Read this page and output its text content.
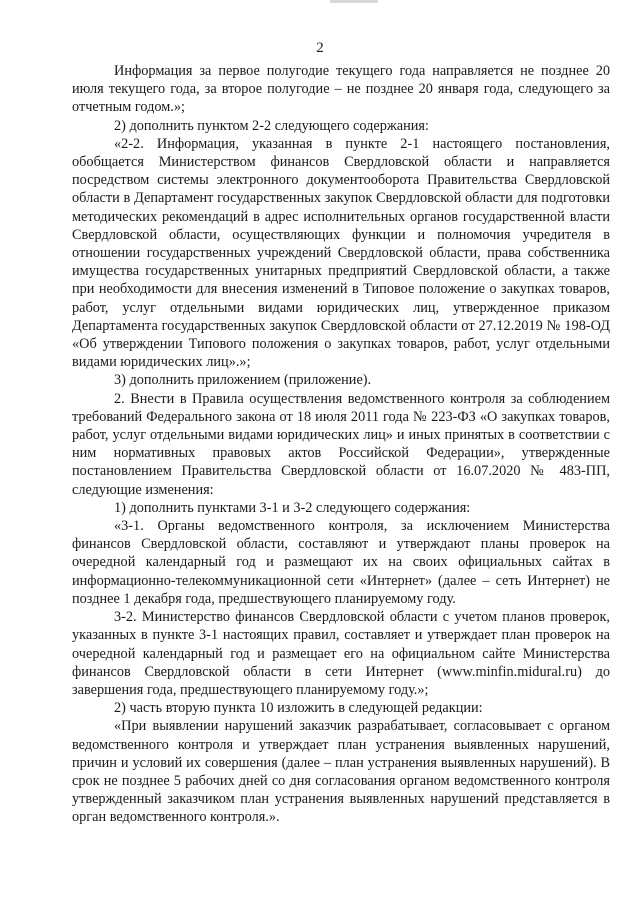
2

Информация за первое полугодие текущего года направляется не позднее 20 июля текущего года, за второе полугодие – не позднее 20 января года, следующего за отчетным годом.»;

2) дополнить пунктом 2-2 следующего содержания:

«2-2. Информация, указанная в пункте 2-1 настоящего постановления, обобщается Министерством финансов Свердловской области и направляется посредством системы электронного документооборота Правительства Свердловской области в Департамент государственных закупок Свердловской области для подготовки методических рекомендаций в адрес исполнительных органов государственной власти Свердловской области, осуществляющих функции и полномочия учредителя в отношении государственных учреждений Свердловской области, права собственника имущества государственных унитарных предприятий Свердловской области, а также при необходимости для внесения изменений в Типовое положение о закупках товаров, работ, услуг отдельными видами юридических лиц, утвержденное приказом Департамента государственных закупок Свердловской области от 27.12.2019 № 198-ОД «Об утверждении Типового положения о закупках товаров, работ, услуг отдельными видами юридических лиц».»;

3) дополнить приложением (приложение).

2. Внести в Правила осуществления ведомственного контроля за соблюдением требований Федерального закона от 18 июля 2011 года № 223-ФЗ «О закупках товаров, работ, услуг отдельными видами юридических лиц» и иных принятых в соответствии с ним нормативных правовых актов Российской Федерации», утвержденные постановлением Правительства Свердловской области от 16.07.2020 № 483-ПП, следующие изменения:

1) дополнить пунктами 3-1 и 3-2 следующего содержания:

«3-1. Органы ведомственного контроля, за исключением Министерства финансов Свердловской области, составляют и утверждают планы проверок на очередной календарный год и размещают их на своих официальных сайтах в информационно-телекоммуникационной сети «Интернет» (далее – сеть Интернет) не позднее 1 декабря года, предшествующего планируемому году.

3-2. Министерство финансов Свердловской области с учетом планов проверок, указанных в пункте 3-1 настоящих правил, составляет и утверждает план проверок на очередной календарный год и размещает его на официальном сайте Министерства финансов Свердловской области в сети Интернет (www.minfin.midural.ru) до завершения года, предшествующего планируемому году.»;

2) часть вторую пункта 10 изложить в следующей редакции:

«При выявлении нарушений заказчик разрабатывает, согласовывает с органом ведомственного контроля и утверждает план устранения выявленных нарушений, причин и условий их совершения (далее – план устранения выявленных нарушений). В срок не позднее 5 рабочих дней со дня согласования органом ведомственного контроля утвержденный заказчиком план устранения выявленных нарушений представляется в орган ведомственного контроля.».
